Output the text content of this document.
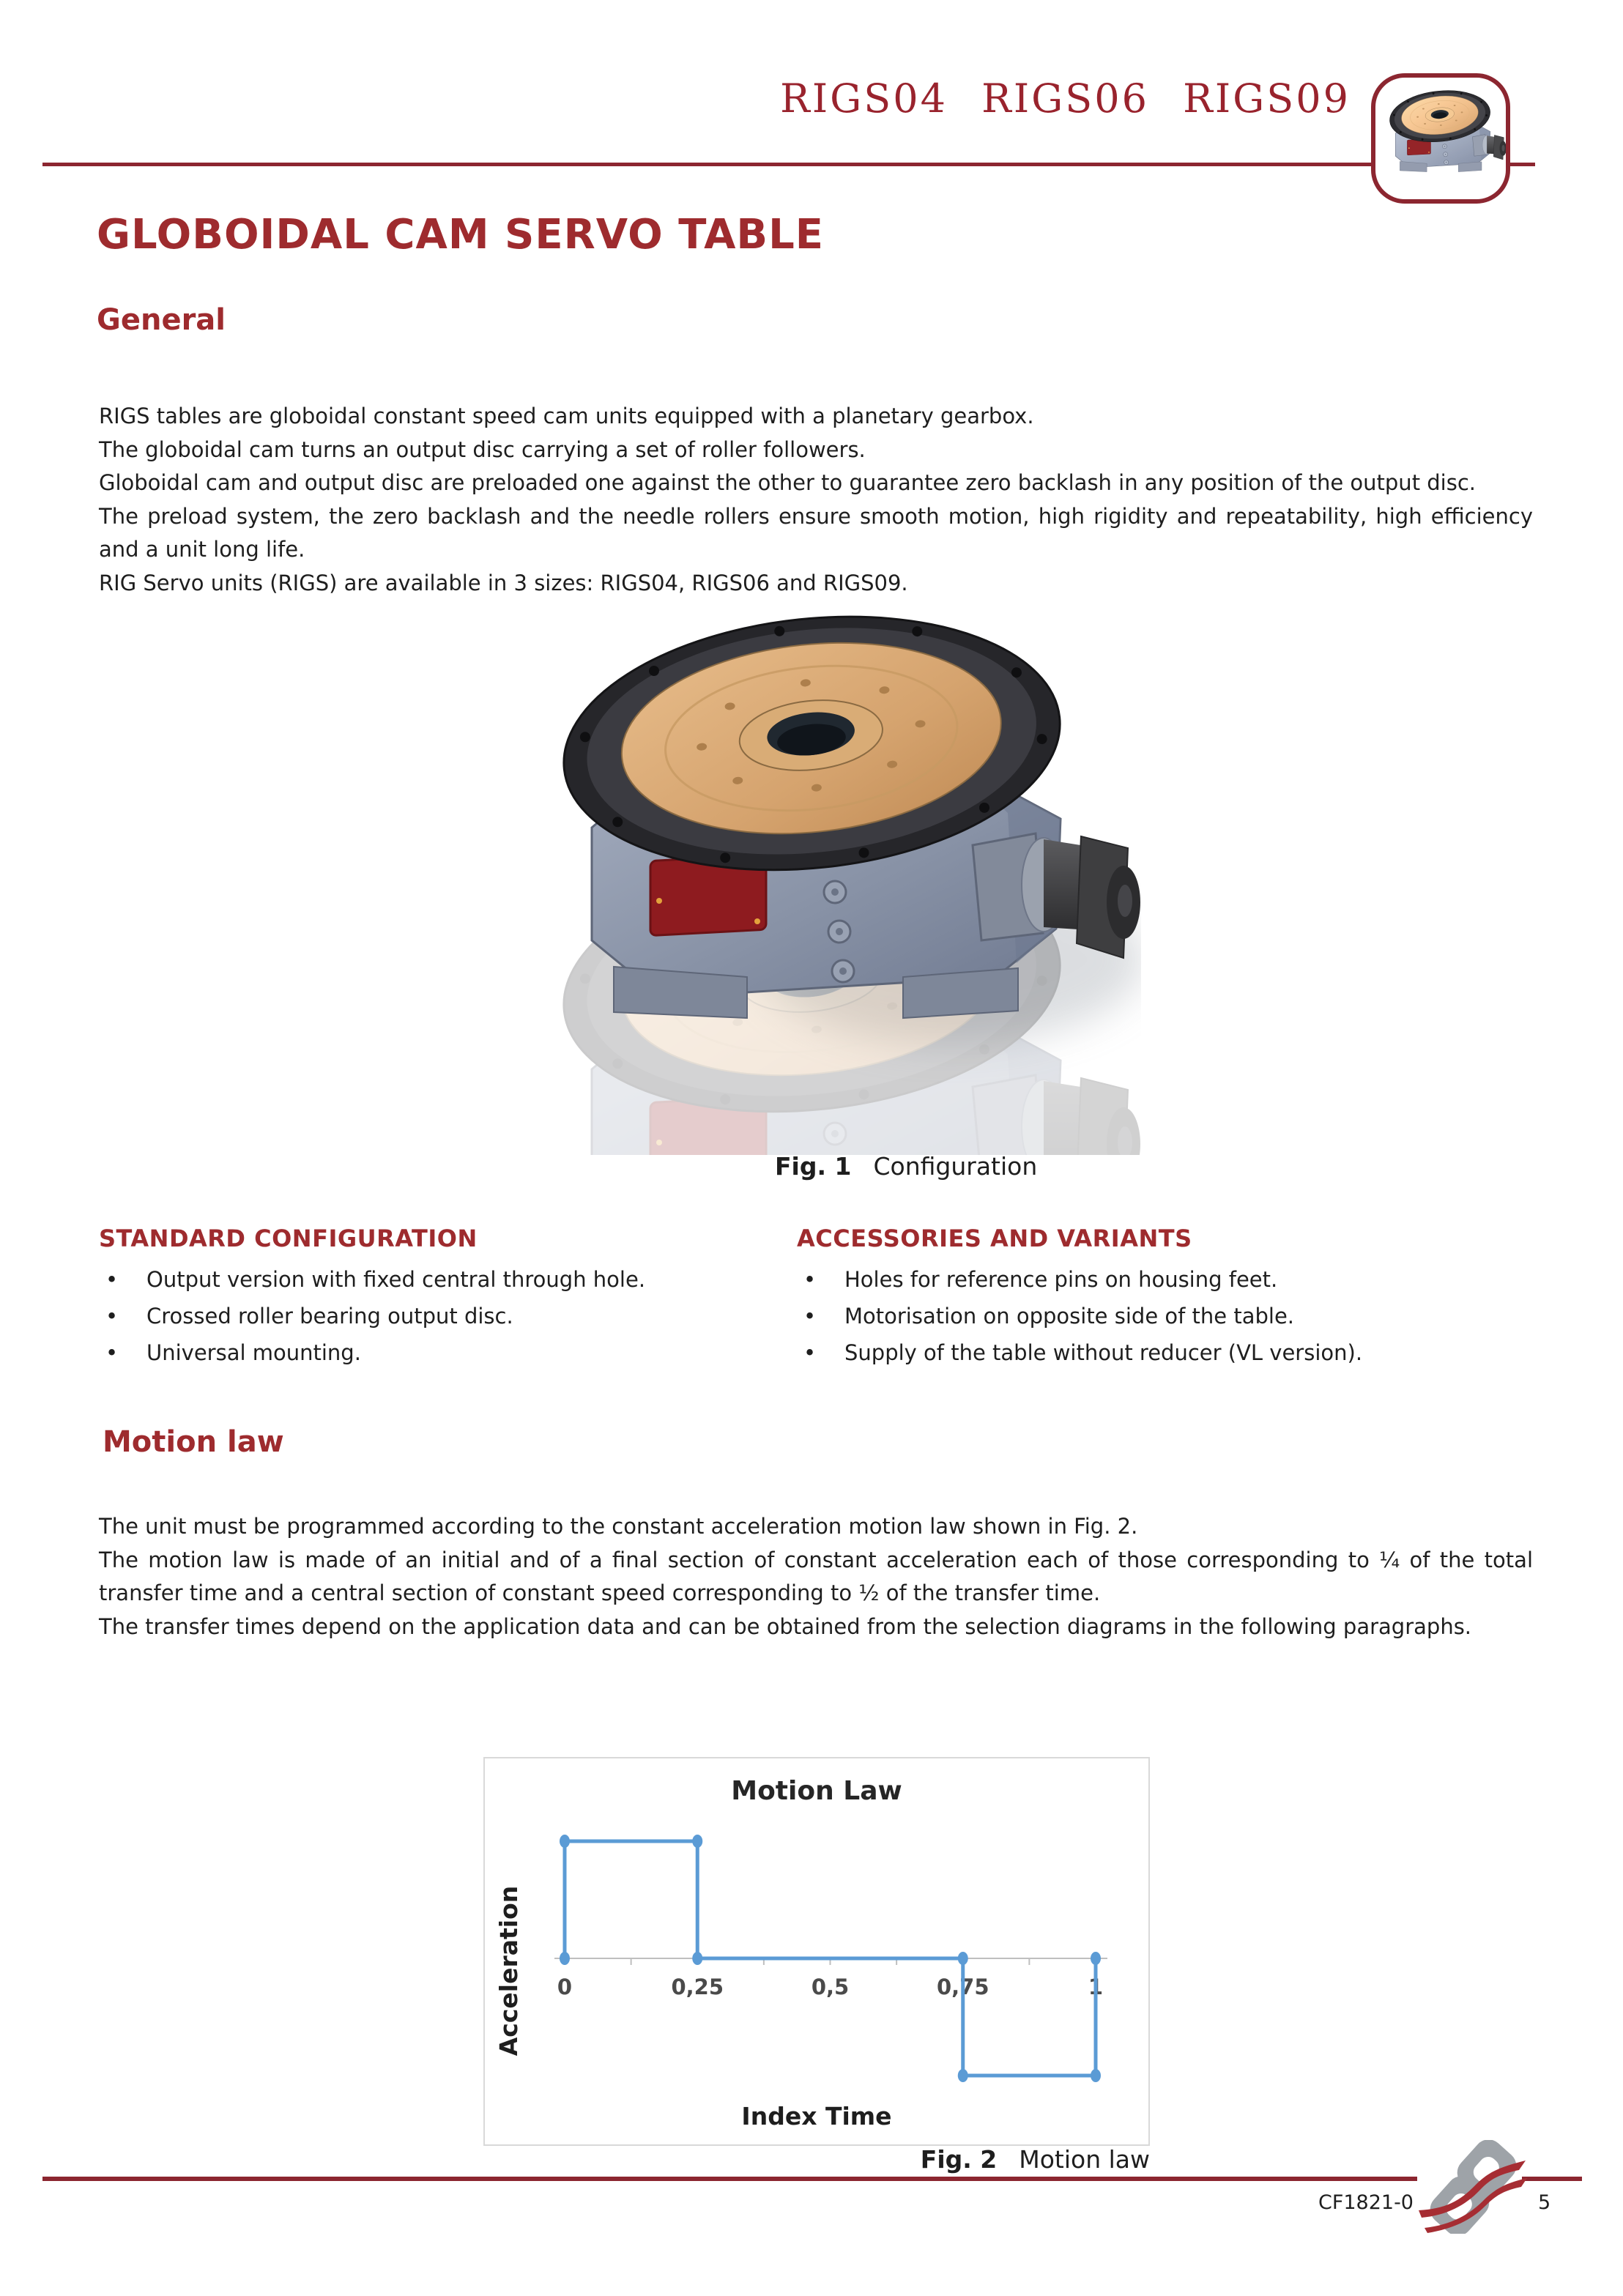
RIGS04 RIGS06 RIGS09
GLOBOIDAL CAM SERVO TABLE
General

RIGS tables are globoidal constant speed cam units equipped with a planetary gearbox.

The globoidal cam turns an output disc carrying a set of roller followers.

Globoidal cam and output disc are preloaded one against the other to guarantee zero backlash in any position of the output disc.

The preload system, the zero backlash and the needle rollers ensure smooth motion, high rigidity and repeatability, high efficiency and a unit long life.

RIG Servo units (RIGS) are available in 3 sizes: RIGS04, RIGS06 and RIGS09.

Fig. 1 Configuration
STANDARD CONFIGURATION	ACCESSORIES AND VARIANTS
• Output version with fixed central through hole.
• Crossed roller bearing output disc.
• Universal mounting.
• Holes for reference pins on housing feet.
• Motorisation on opposite side of the table.
• Supply of the table without reducer (VL version).
Motion law

The unit must be programmed according to the constant acceleration motion law shown in Fig. 2.

The motion law is made of an initial and of a final section of constant acceleration each of those corresponding to ¼ of the total transfer time and a central section of constant speed corresponding to ½ of the transfer time.

The transfer times depend on the application data and can be obtained from the selection diagrams in the following paragraphs.

0	0,25	0,5	0,75	1
Motion Law
Index Time
Acceleration
Fig. 2 Motion law
CF1821-0	5
